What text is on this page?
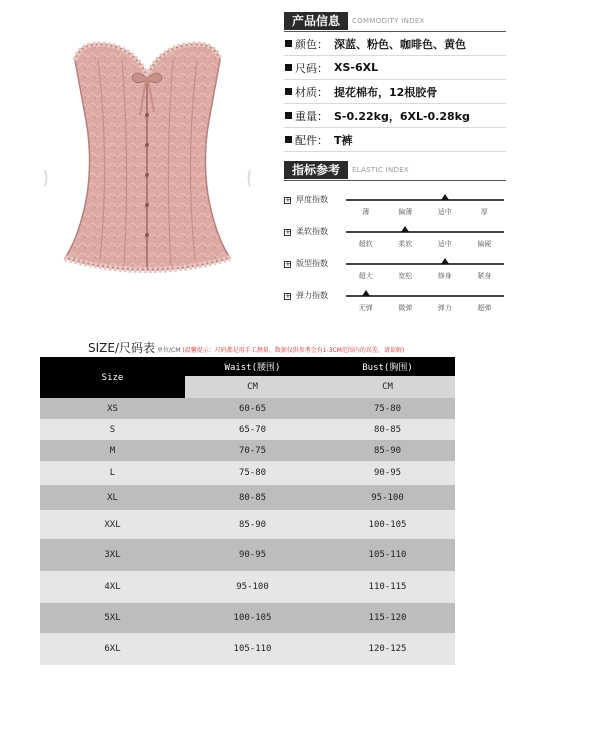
产品信息	COMMODITY INDEX
颜色： 深蓝、粉色、咖啡色、黄色
尺码： XS-6XL
材质： 提花棉布，12根胶骨
重量： S-0.22kg，6XL-0.28kg
配件： T裤
指标参考	ELASTIC INDEX
+ 厚度指数
薄	偏薄	适中	厚
+ 柔软指数
超软	柔软	适中	偏硬
+ 版型指数
超大	宽松	修身	紧身
+ 弹力指数
无弹	微弹	弹力	超弹
SIZE/尺码表 单位/CM (温馨提示：尺码都是用手工测量，数据仅供参考会有1-3CM范围内的误差，请谅解)
Size	Waist(腰围)	Bust(胸围)
	CM	CM
XS	60-65	75-80
S	65-70	80-85
M	70-75	85-90
L	75-80	90-95
XL	80-85	95-100
XXL	85-90	100-105
3XL	90-95	105-110
4XL	95-100	110-115
5XL	100-105	115-120
6XL	105-110	120-125
